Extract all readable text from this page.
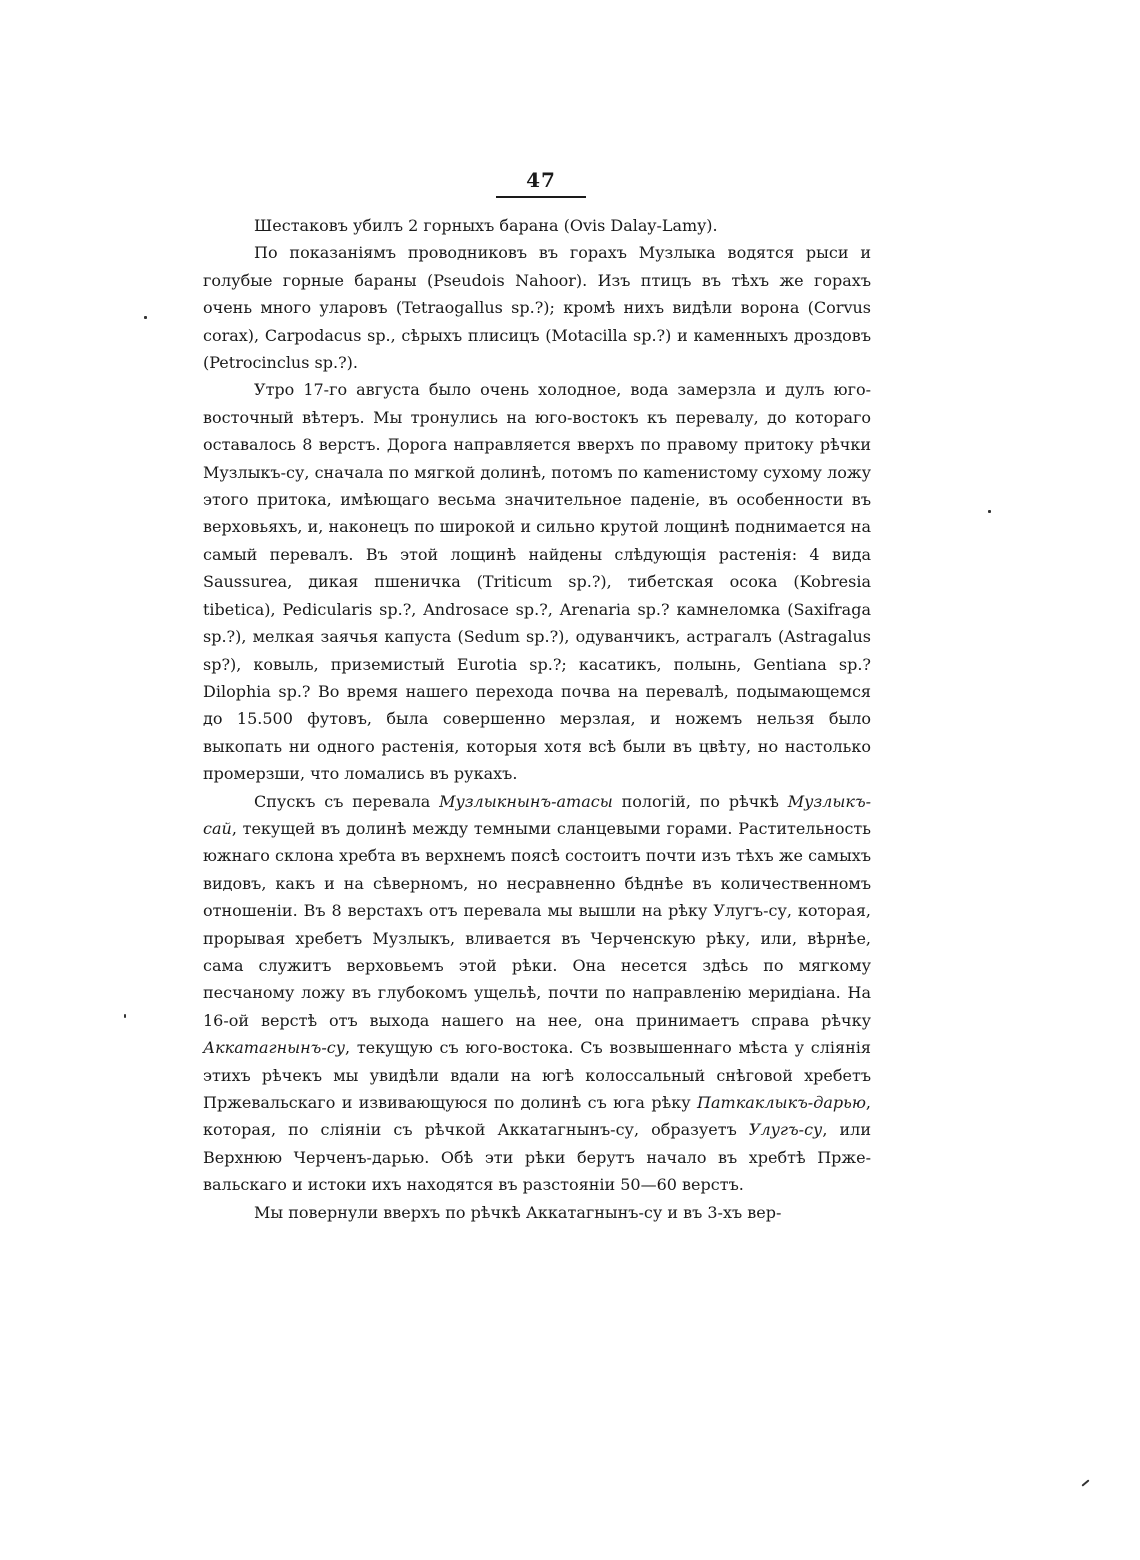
47

Шестаковъ убилъ 2 горныхъ барана (Ovis Dalay-Lamy).

По показаніямъ проводниковъ въ горахъ Музлыка водятся рыси и голубые горные бараны (Pseudois Nahoor). Изъ птицъ въ тѣхъ же горахъ очень много уларовъ (Tetraogallus sp.?); кромѣ нихъ видѣли ворона (Corvus corax), Carpodacus sp., сѣрыхъ плисицъ (Motacilla sp.?) и каменныхъ дроздовъ (Petrocinclus sp.?).

Утро 17-го августа было очень холодное, вода замерзла и дулъ юго-восточный вѣтеръ. Мы тронулись на юго-востокъ къ перевалу, до котораго оставалось 8 верстъ. Дорога направляется вверхъ по правому притоку рѣчки Музлыкъ-су, сначала по мягкой долинѣ, потомъ по каmенистому сухому ложу этого притока, имѣющаго весьма значительное паденіе, въ особенности въ верховьяхъ, и, наконецъ по широкой и сильно крутой лощинѣ поднимается на самый перевалъ. Въ этой лощинѣ найдены слѣдующія растенія: 4 вида Saussurea, дикая пшеничка (Triticum sp.?), тибетская осока (Kobresia tibetica), Pedicularis sp.?, Androsace sp.?, Arenaria sp.? камнеломка (Saxifraga sp.?), мелкая заячья капуста (Sedum sp.?), одуванчикъ, астрагалъ (Astragalus sp?), ковыль, приземистый Eurotia sp.?; касатикъ, полынь, Gentiana sp.? Dilophia sp.? Во время нашего перехода почва на перевалѣ, подымающемся до 15.500 футовъ, была совершенно мерзлая, и ножемъ нельзя было выкопать ни одного растенія, которыя хотя всѣ были въ цвѣту, но настолько промерзши, что ломались въ рукахъ.

Спускъ съ перевала Музлыкнынъ-атасы пологій, по рѣчкѣ Музлыкъ-сай, текущей въ долинѣ между темными сланцевыми горами. Растительность южнаго склона хребта въ верхнемъ поясѣ состоитъ почти изъ тѣхъ же самыхъ видовъ, какъ и на сѣверномъ, но несравненно бѣднѣе въ количественномъ отношеніи. Въ 8 верстахъ отъ перевала мы вышли на рѣку Улугъ-су, которая, прорывая хребетъ Музлыкъ, вливается въ Черченскую рѣку, или, вѣрнѣе, сама служитъ верховьемъ этой рѣки. Она несется здѣсь по мягкому песчаному ложу въ глубокомъ ущельѣ, почти по направленію меридіана. На 16-ой верстѣ отъ выхода нашего на нее, она принимаетъ справа рѣчку Аккатагнынъ-су, текущую съ юго-востока. Съ возвышеннаго мѣста у сліянія этихъ рѣчекъ мы увидѣли вдали на югѣ колоссальный снѣговой хребетъ Пржевальскаго и извивающуюся по долинѣ съ юга рѣку Паткаклыкъ-дарью, которая, по сліяніи съ рѣчкой Аккатагнынъ-су, образуетъ Улугъ-су, или Верхнюю Черченъ-дарью. Обѣ эти рѣки берутъ начало въ хребтѣ Пржевальскаго и истоки ихъ находятся въ разстояніи 50—60 верстъ.

Мы повернули вверхъ по рѣчкѣ Аккатагнынъ-су и въ 3-хъ вер-
